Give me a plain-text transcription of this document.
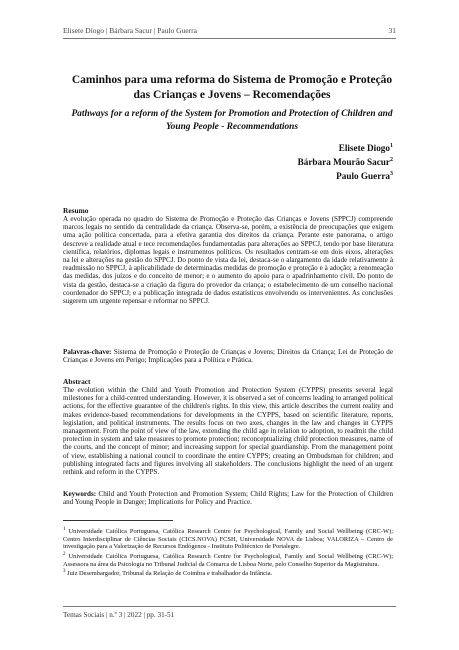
Elisete Diogo | Bárbara Sacur | Paulo Guerra	31
Caminhos para uma reforma do Sistema de Promoção e Proteção das Crianças e Jovens – Recomendações
Pathways for a reform of the System for Promotion and Protection of Children and Young People - Recommendations
Elisete Diogo$^1$
Bárbara Mourão Sacur$^2$
Paulo Guerra$^3$
Resumo
A evolução operada no quadro do Sistema de Promoção e Proteção das Crianças e Jovens (SPPCJ) compreende marcos legais no sentido da centralidade da criança. Observa-se, porém, a existência de preocupações que exigem uma ação política concertada, para a efetiva garantia dos direitos da criança. Perante este panorama, o artigo descreve a realidade atual e tece recomendações fundamentadas para alterações ao SPPCJ, tendo por base literatura científica, relatórios, diplomas legais e instrumentos políticos. Os resultados centram-se em dois eixos, alterações na lei e alterações na gestão do SPPCJ. Do ponto de vista da lei, destaca-se o alargamento da idade relativamente à readmissão no SPPCJ, à aplicabilidade de determinadas medidas de promoção e proteção e à adoção; a renomeação das medidas, dos juízos e do conceito de menor; e o aumento do apoio para o apadrinhamento civil. Do ponto de vista da gestão, destaca-se a criação da figura do provedor da criança; o estabelecimento de um conselho nacional coordenador do SPPCJ; e a publicação integrada de dados estatísticos envolvendo os intervenientes. As conclusões sugerem um urgente repensar e reformar no SPPCJ.
Palavras-chave: Sistema de Promoção e Proteção de Crianças e Jovens; Direitos da Criança; Lei de Proteção de Crianças e Jovens em Perigo; Implicações para a Política e Prática.
Abstract
The evolution within the Child and Youth Promotion and Protection System (CYPPS) presents several legal milestones for a child-centred understanding. However, it is observed a set of concerns leading to arranged political actions, for the effective guarantee of the children's rights. In this view, this article describes the current reality and makes evidence-based recommendations for developments in the CYPPS, based on scientific literature, reports, legislation, and political instruments. The results focus on two axes, changes in the law and changes in CYPPS management. From the point of view of the law, extending the child age in relation to adoption, to readmit the child protection in system and take measures to promote protection; reconceptualizing child protection measures, name of the courts, and the concept of minor; and increasing support for special guardianship. From the management point of view, establishing a national council to coordinate the entire CYPPS; creating an Ombudsman for children; and publishing integrated facts and figures involving all stakeholders. The conclusions highlight the need of an urgent rethink and reform in the CYPPS.
Keywords: Child and Youth Protection and Promotion System; Child Rights; Law for the Protection of Children and Young People in Danger; Implications for Policy and Practice.

$^1$ Universidade Católica Portuguesa, Católica Research Centre for Psychological, Family and Social Wellbeing (CRC-W); Centro Interdisciplinar de Ciências Sociais (CICS.NOVA) FCSH, Universidade NOVA de Lisboa; VALORIZA – Centro de investigação para a Valorização de Recursos Endógenos - Instituto Politécnico de Portalegre.

$^2$ Universidade Católica Portuguesa, Católica Research Centre for Psychological, Family and Social Wellbeing (CRC-W); Assessora na área da Psicologia no Tribunal Judicial da Comarca de Lisboa Norte, pelo Conselho Superior da Magistratura.

$^3$ Juiz Desembargador, Tribunal da Relação de Coimbra e trabalhador da Infância.

Temas Sociais | n.º 3 | 2022 | pp. 31-51
